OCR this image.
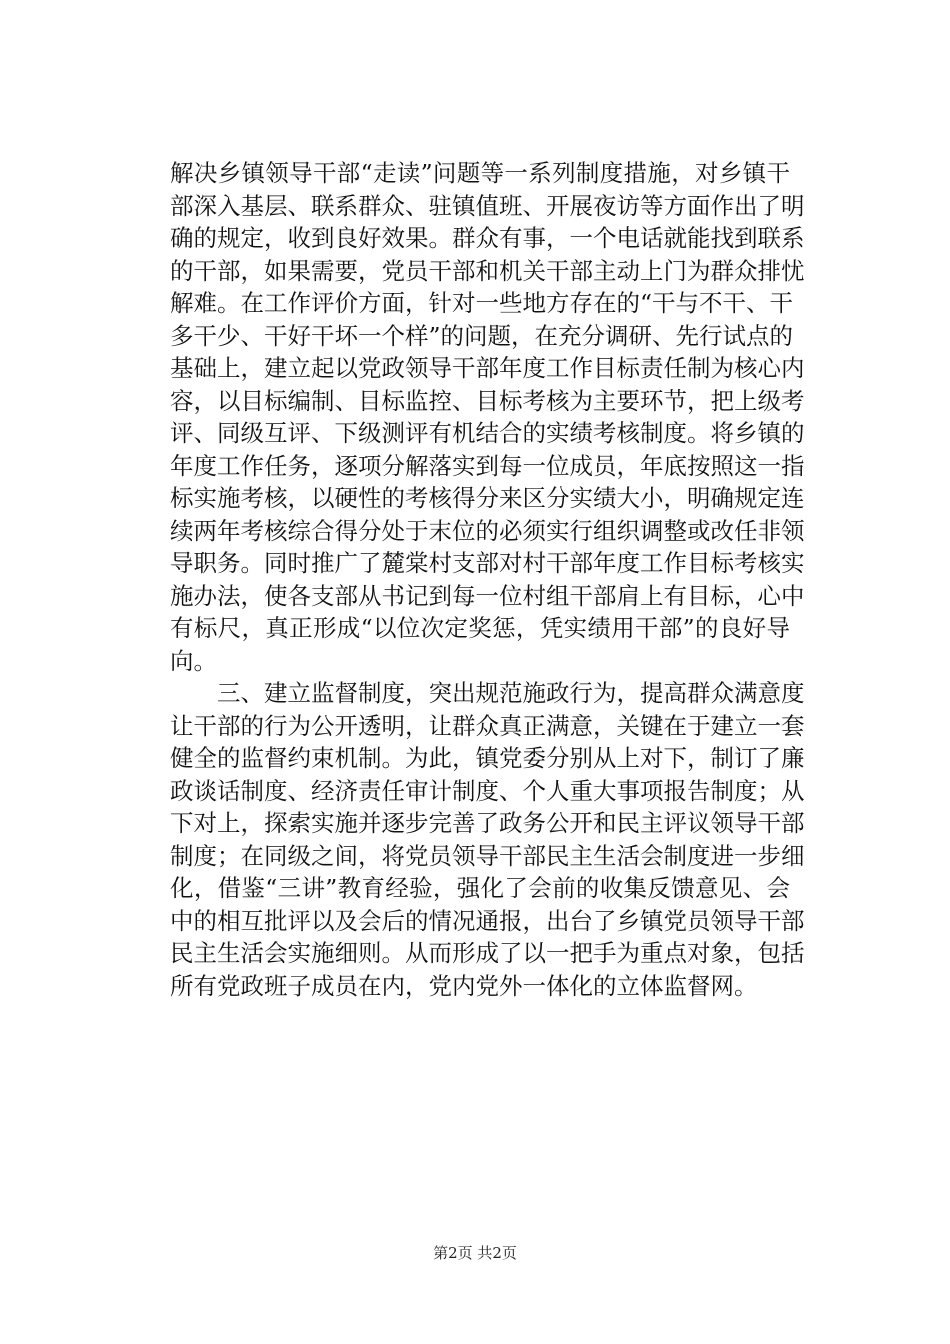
解决乡镇领导干部“走读”问题等一系列制度措施，对乡镇干
部深入基层、联系群众、驻镇值班、开展夜访等方面作出了明
确的规定，收到良好效果。群众有事，一个电话就能找到联系
的干部，如果需要，党员干部和机关干部主动上门为群众排忧
解难。在工作评价方面，针对一些地方存在的“干与不干、干
多干少、干好干坏一个样”的问题，在充分调研、先行试点的
基础上，建立起以党政领导干部年度工作目标责任制为核心内
容，以目标编制、目标监控、目标考核为主要环节，把上级考
评、同级互评、下级测评有机结合的实绩考核制度。将乡镇的
年度工作任务，逐项分解落实到每一位成员，年底按照这一指
标实施考核，以硬性的考核得分来区分实绩大小，明确规定连
续两年考核综合得分处于末位的必须实行组织调整或改任非领
导职务。同时推广了麓棠村支部对村干部年度工作目标考核实
施办法，使各支部从书记到每一位村组干部肩上有目标，心中
有标尺，真正形成“以位次定奖惩，凭实绩用干部”的良好导
向。
　　三、建立监督制度，突出规范施政行为，提高群众满意度
让干部的行为公开透明，让群众真正满意，关键在于建立一套
健全的监督约束机制。为此，镇党委分别从上对下，制订了廉
政谈话制度、经济责任审计制度、个人重大事项报告制度；从
下对上，探索实施并逐步完善了政务公开和民主评议领导干部
制度；在同级之间，将党员领导干部民主生活会制度进一步细
化，借鉴“三讲”教育经验，强化了会前的收集反馈意见、会
中的相互批评以及会后的情况通报，出台了乡镇党员领导干部
民主生活会实施细则。从而形成了以一把手为重点对象，包括
所有党政班子成员在内，党内党外一体化的立体监督网。
第2页 共2页
